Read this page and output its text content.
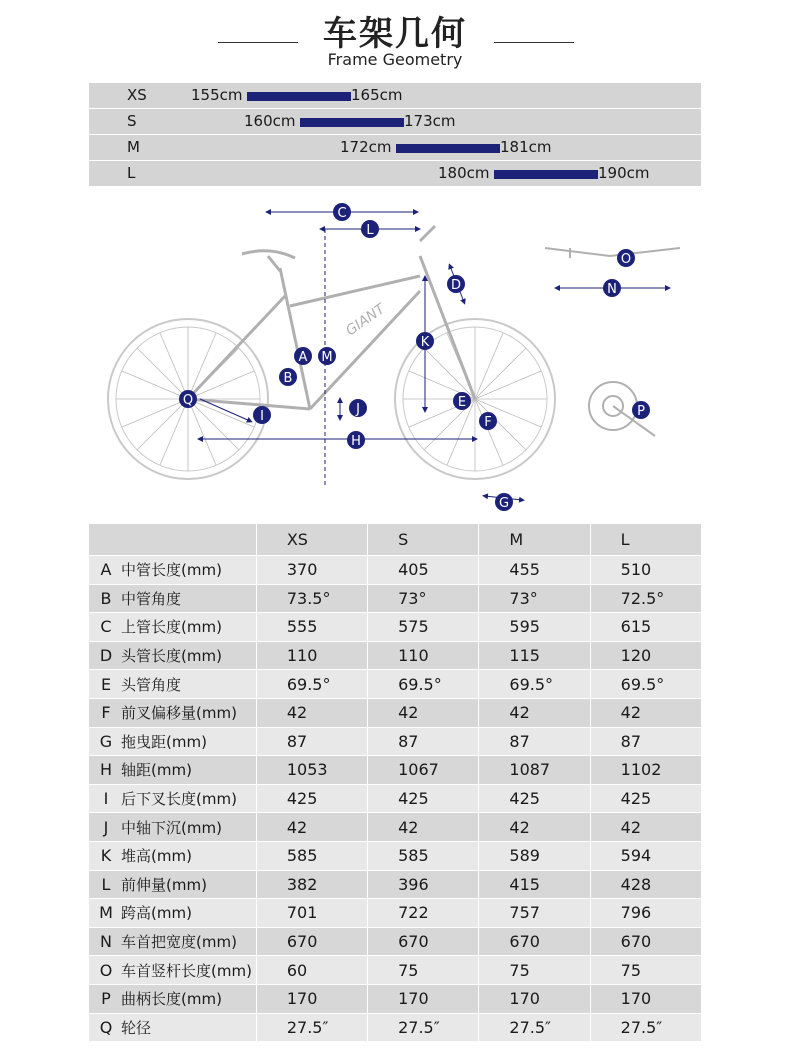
车架几何
Frame Geometry
XS	155cm	165cm
S	160cm	173cm
M	172cm	181cm
L	180cm	190cm
GIANT
C
L
D
K
A M
B
Q
I	J
H
E
F
G
O
N
P
	XS	S	M	L
A 中管长度(mm)	370	405	455	510
B 中管角度	73.5°	73°	73°	72.5°
C 上管长度(mm)	555	575	595	615
D 头管长度(mm)	110	110	115	120
E 头管角度	69.5°	69.5°	69.5°	69.5°
F 前叉偏移量(mm)	42	42	42	42
G 拖曳距(mm)	87	87	87	87
H 轴距(mm)	1053	1067	1087	1102
I 后下叉长度(mm)	425	425	425	425
J 中轴下沉(mm)	42	42	42	42
K 堆高(mm)	585	585	589	594
L 前伸量(mm)	382	396	415	428
M 跨高(mm)	701	722	757	796
N 车首把宽度(mm)	670	670	670	670
O 车首竖杆长度(mm)	60	75	75	75
P 曲柄长度(mm)	170	170	170	170
Q 轮径	27.5″	27.5″	27.5″	27.5″
